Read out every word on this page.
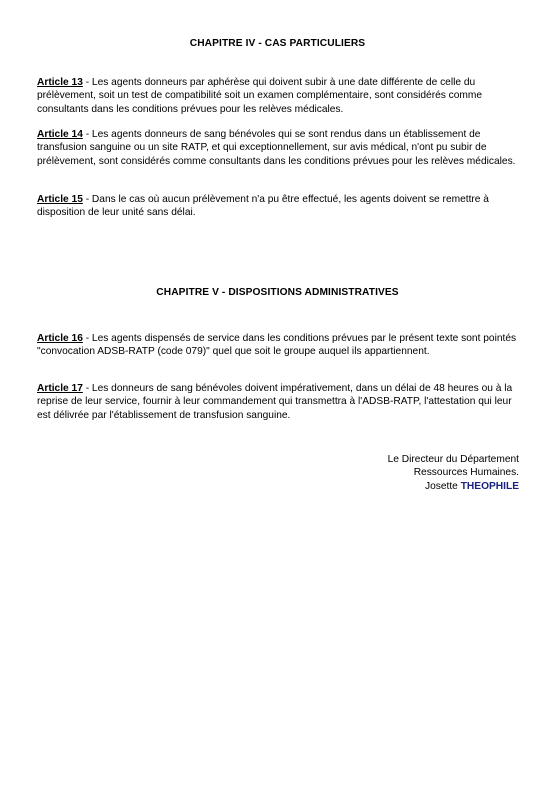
CHAPITRE IV - CAS PARTICULIERS

Article 13 - Les agents donneurs par aphérèse qui doivent subir à une date différente de celle du prélèvement, soit un test de compatibilité soit un examen complémentaire, sont considérés comme consultants dans les conditions prévues pour les relèves médicales.

Article 14 - Les agents donneurs de sang bénévoles qui se sont rendus dans un établissement de transfusion sanguine ou un site RATP, et qui exceptionnellement, sur avis médical, n'ont pu subir de prélèvement, sont considérés comme consultants dans les conditions prévues pour les relèves médicales.

Article 15 - Dans le cas où aucun prélèvement n'a pu être effectué, les agents doivent se remettre à disposition de leur unité sans délai.

CHAPITRE V - DISPOSITIONS ADMINISTRATIVES

Article 16 - Les agents dispensés de service dans les conditions prévues par le présent texte sont pointés "convocation ADSB-RATP (code 079)" quel que soit le groupe auquel ils appartiennent.

Article 17 - Les donneurs de sang bénévoles doivent impérativement, dans un délai de 48 heures ou à la reprise de leur service, fournir à leur commandement qui transmettra à l'ADSB-RATP, l'attestation qui leur est délivrée par l'établissement de transfusion sanguine.

Le Directeur du Département
Ressources Humaines.
Josette THEOPHILE
